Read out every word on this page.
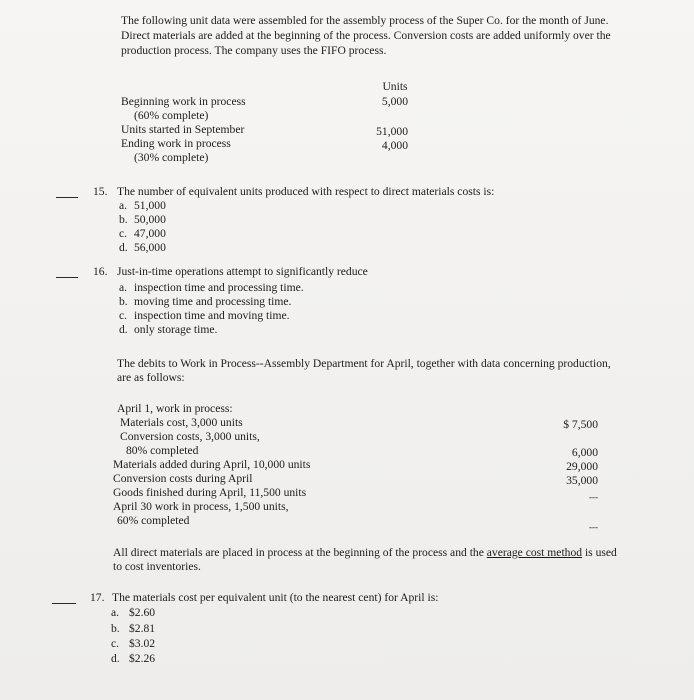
The following unit data were assembled for the assembly process of the Super Co. for the month of June.
Direct materials are added at the beginning of the process. Conversion costs are added uniformly over the
production process. The company uses the FIFO process.
Units
Beginning work in process	5,000
(60% complete)
Units started in September	51,000
Ending work in process	4,000
(30% complete)
15. The number of equivalent units produced with respect to direct materials costs is:
a. 51,000
b. 50,000
c. 47,000
d. 56,000
16. Just-in-time operations attempt to significantly reduce
a. inspection time and processing time.
b. moving time and processing time.
c. inspection time and moving time.
d. only storage time.
The debits to Work in Process--Assembly Department for April, together with data concerning production,
are as follows:
April 1, work in process:
Materials cost, 3,000 units	$ 7,500
Conversion costs, 3,000 units,
80% completed	6,000
Materials added during April, 10,000 units	29,000
Conversion costs during April	35,000
Goods finished during April, 11,500 units	---
April 30 work in process, 1,500 units,
60% completed	---
All direct materials are placed in process at the beginning of the process and the average cost method is used
to cost inventories.
17. The materials cost per equivalent unit (to the nearest cent) for April is:
a. $2.60
b. $2.81
c. $3.02
d. $2.26
